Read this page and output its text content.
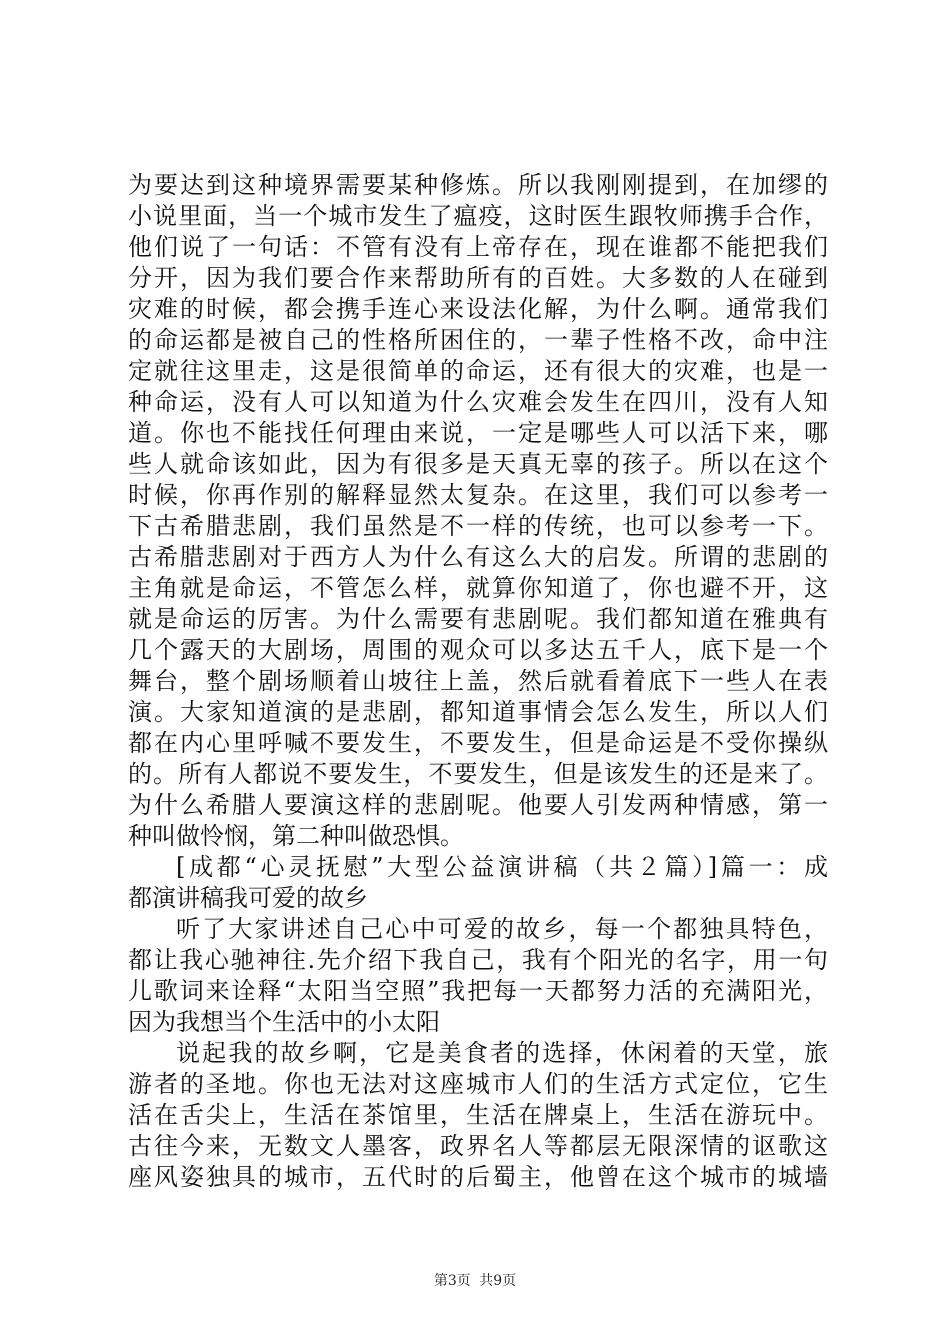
为要达到这种境界需要某种修炼。所以我刚刚提到，在加缪的
小说里面，当一个城市发生了瘟疫，这时医生跟牧师携手合作，
他们说了一句话：不管有没有上帝存在，现在谁都不能把我们
分开，因为我们要合作来帮助所有的百姓。大多数的人在碰到
灾难的时候，都会携手连心来设法化解，为什么啊。通常我们
的命运都是被自己的性格所困住的，一辈子性格不改，命中注
定就往这里走，这是很简单的命运，还有很大的灾难，也是一
种命运，没有人可以知道为什么灾难会发生在四川，没有人知
道。你也不能找任何理由来说，一定是哪些人可以活下来，哪
些人就命该如此，因为有很多是天真无辜的孩子。所以在这个
时候，你再作别的解释显然太复杂。在这里，我们可以参考一
下古希腊悲剧，我们虽然是不一样的传统，也可以参考一下。
古希腊悲剧对于西方人为什么有这么大的启发。所谓的悲剧的
主角就是命运，不管怎么样，就算你知道了，你也避不开，这
就是命运的厉害。为什么需要有悲剧呢。我们都知道在雅典有
几个露天的大剧场，周围的观众可以多达五千人，底下是一个
舞台，整个剧场顺着山坡往上盖，然后就看着底下一些人在表
演。大家知道演的是悲剧，都知道事情会怎么发生，所以人们
都在内心里呼喊不要发生，不要发生，但是命运是不受你操纵
的。所有人都说不要发生，不要发生，但是该发生的还是来了。
为什么希腊人要演这样的悲剧呢。他要人引发两种情感，第一
种叫做怜悯，第二种叫做恐惧。
[成都“心灵抚慰”大型公益演讲稿（共２篇）]篇一：成
都演讲稿我可爱的故乡
听了大家讲述自己心中可爱的故乡，每一个都独具特色，
都让我心驰神往.先介绍下我自己，我有个阳光的名字，用一句
儿歌词来诠释“太阳当空照”我把每一天都努力活的充满阳光，
因为我想当个生活中的小太阳
说起我的故乡啊，它是美食者的选择，休闲着的天堂，旅
游者的圣地。你也无法对这座城市人们的生活方式定位，它生
活在舌尖上，生活在茶馆里，生活在牌桌上，生活在游玩中。
古往今来，无数文人墨客，政界名人等都层无限深情的讴歌这
座风姿独具的城市，五代时的后蜀主，他曾在这个城市的城墙
第3页 共9页
